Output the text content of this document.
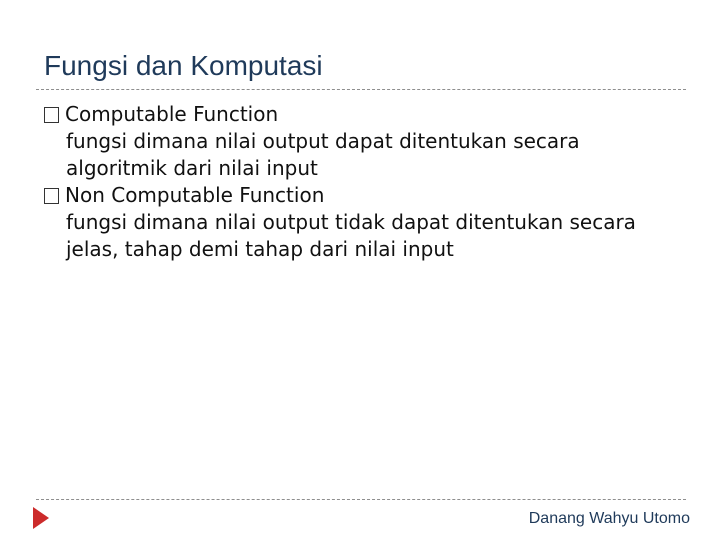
Fungsi dan Komputasi
Computable Function

fungsi dimana nilai output dapat ditentukan secara
algoritmik dari nilai input

Non Computable Function

fungsi dimana nilai output tidak dapat ditentukan secara
jelas, tahap demi tahap dari nilai input

Danang Wahyu Utomo
